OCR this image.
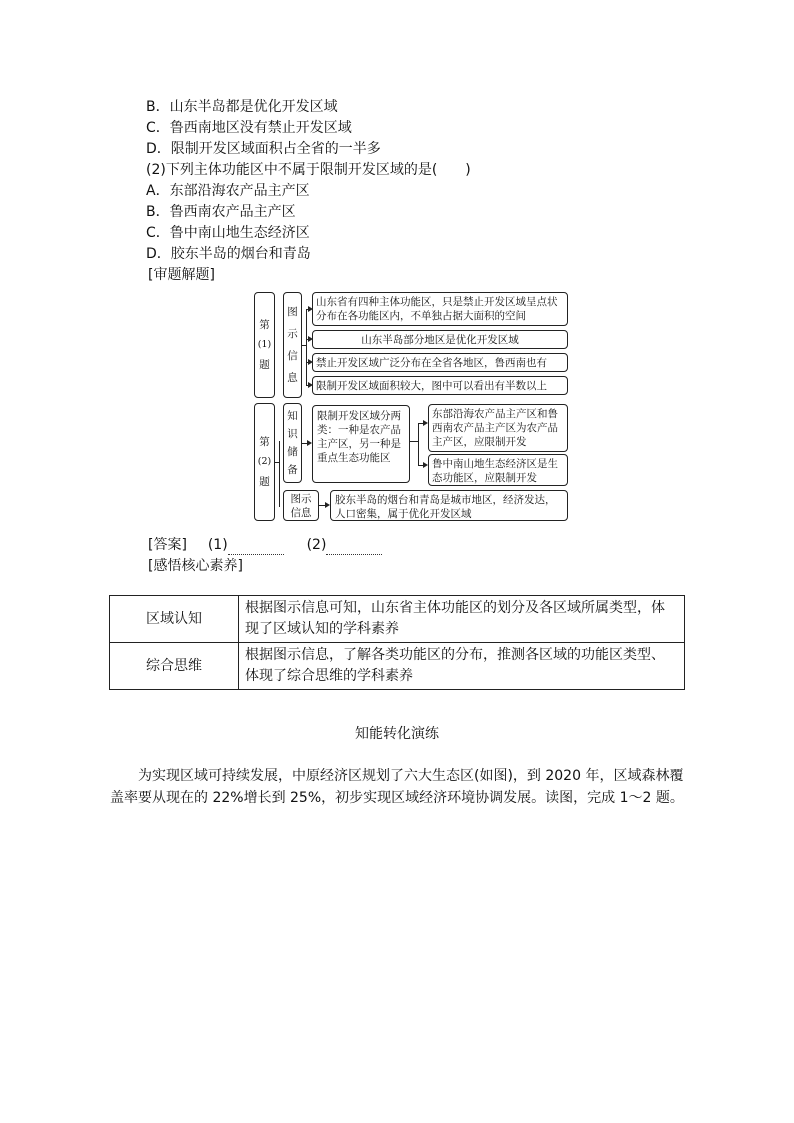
B．山东半岛都是优化开发区域
C．鲁西南地区没有禁止开发区域
D．限制开发区域面积占全省的一半多
(2)下列主体功能区中不属于限制开发区域的是(　　)
A．东部沿海农产品主产区
B．鲁西南农产品主产区
C．鲁中南山地生态经济区
D．胶东半岛的烟台和青岛
[审题解题]
第
(1)
题
图
示
信
息
山东省有四种主体功能区，只是禁止开发区域呈点状分布在各功能区内，不单独占据大面积的空间
山东半岛部分地区是优化开发区域
禁止开发区域广泛分布在全省各地区，鲁西南也有
限制开发区域面积较大，图中可以看出有半数以上
第
(2)
题
知
识
储
备
限制开发区域分两类：一种是农产品主产区，另一种是重点生态功能区
东部沿海农产品主产区和鲁西南农产品主产区为农产品主产区，应限制开发
鲁中南山地生态经济区是生态功能区，应限制开发
图示信息
胶东半岛的烟台和青岛是城市地区，经济发达，人口密集，属于优化开发区域
[答案] (1)	(2)
[感悟核心素养]
区域认知	根据图示信息可知，山东省主体功能区的划分及各区域所属类型，体现了区域认知的学科素养
综合思维	根据图示信息，了解各类功能区的分布，推测各区域的功能区类型、体现了综合思维的学科素养
知能转化演练
为实现区域可持续发展，中原经济区规划了六大生态区(如图)，到 2020 年，区域森林覆盖率要从现在的 22%增长到 25%，初步实现区域经济环境协调发展。读图，完成 1～2 题。
